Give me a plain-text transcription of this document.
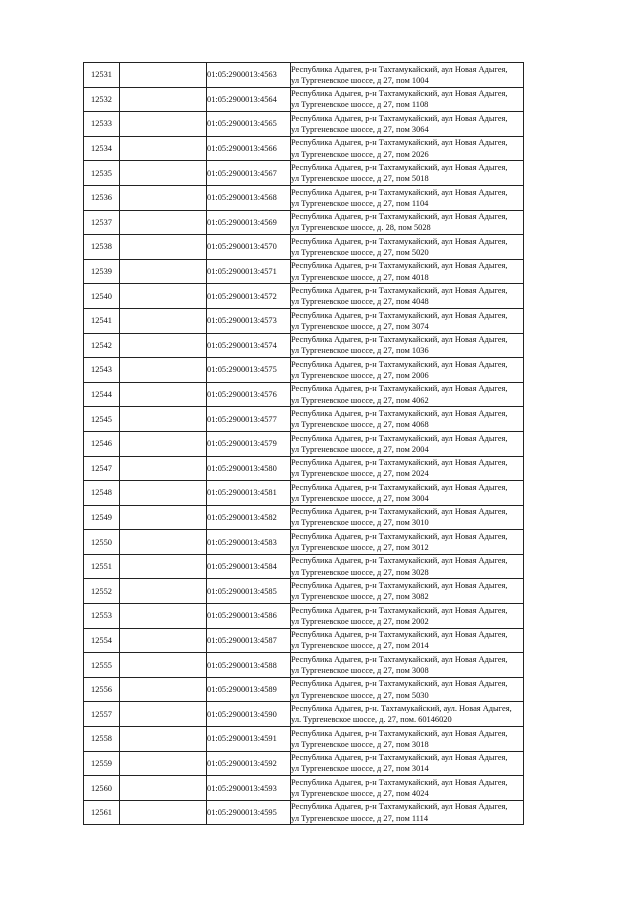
12531		01:05:2900013:4563	Республика Адыгея, р-н Тахтамукайский, аул Новая Адыгея,
ул Тургеневское шоссе, д 27, пом 1004

12532		01:05:2900013:4564	Республика Адыгея, р-н Тахтамукайский, аул Новая Адыгея,
ул Тургеневское шоссе, д 27, пом 1108

12533		01:05:2900013:4565	Республика Адыгея, р-н Тахтамукайский, аул Новая Адыгея,
ул Тургеневское шоссе, д 27, пом 3064

12534		01:05:2900013:4566	Республика Адыгея, р-н Тахтамукайский, аул Новая Адыгея,
ул Тургеневское шоссе, д 27, пом 2026

12535		01:05:2900013:4567	Республика Адыгея, р-н Тахтамукайский, аул Новая Адыгея,
ул Тургеневское шоссе, д 27, пом 5018

12536		01:05:2900013:4568	Республика Адыгея, р-н Тахтамукайский, аул Новая Адыгея,
ул Тургеневское шоссе, д 27, пом 1104

12537		01:05:2900013:4569	Республика Адыгея, р-н Тахтамукайский, аул Новая Адыгея,
ул Тургеневское шоссе, д. 28, пом 5028

12538		01:05:2900013:4570	Республика Адыгея, р-н Тахтамукайский, аул Новая Адыгея,
ул Тургеневское шоссе, д 27, пом 5020

12539		01:05:2900013:4571	Республика Адыгея, р-н Тахтамукайский, аул Новая Адыгея,
ул Тургеневское шоссе, д 27, пом 4018

12540		01:05:2900013:4572	Республика Адыгея, р-н Тахтамукайский, аул Новая Адыгея,
ул Тургеневское шоссе, д 27, пом 4048

12541		01:05:2900013:4573	Республика Адыгея, р-н Тахтамукайский, аул Новая Адыгея,
ул Тургеневское шоссе, д 27, пом 3074

12542		01:05:2900013:4574	Республика Адыгея, р-н Тахтамукайский, аул Новая Адыгея,
ул Тургеневское шоссе, д 27, пом 1036

12543		01:05:2900013:4575	Республика Адыгея, р-н Тахтамукайский, аул Новая Адыгея,
ул Тургеневское шоссе, д 27, пом 2006

12544		01:05:2900013:4576	Республика Адыгея, р-н Тахтамукайский, аул Новая Адыгея,
ул Тургеневское шоссе, д 27, пом 4062

12545		01:05:2900013:4577	Республика Адыгея, р-н Тахтамукайский, аул Новая Адыгея,
ул Тургеневское шоссе, д 27, пом 4068

12546		01:05:2900013:4579	Республика Адыгея, р-н Тахтамукайский, аул Новая Адыгея,
ул Тургеневское шоссе, д 27, пом 2004

12547		01:05:2900013:4580	Республика Адыгея, р-н Тахтамукайский, аул Новая Адыгея,
ул Тургеневское шоссе, д 27, пом 2024

12548		01:05:2900013:4581	Республика Адыгея, р-н Тахтамукайский, аул Новая Адыгея,
ул Тургеневское шоссе, д 27, пом 3004

12549		01:05:2900013:4582	Республика Адыгея, р-н Тахтамукайский, аул Новая Адыгея,
ул Тургеневское шоссе, д 27, пом 3010

12550		01:05:2900013:4583	Республика Адыгея, р-н Тахтамукайский, аул Новая Адыгея,
ул Тургеневское шоссе, д 27, пом 3012

12551		01:05:2900013:4584	Республика Адыгея, р-н Тахтамукайский, аул Новая Адыгея,
ул Тургеневское шоссе, д 27, пом 3028

12552		01:05:2900013:4585	Республика Адыгея, р-н Тахтамукайский, аул Новая Адыгея,
ул Тургеневское шоссе, д 27, пом 3082

12553		01:05:2900013:4586	Республика Адыгея, р-н Тахтамукайский, аул Новая Адыгея,
ул Тургеневское шоссе, д 27, пом 2002

12554		01:05:2900013:4587	Республика Адыгея, р-н Тахтамукайский, аул Новая Адыгея,
ул Тургеневское шоссе, д 27, пом 2014

12555		01:05:2900013:4588	Республика Адыгея, р-н Тахтамукайский, аул Новая Адыгея,
ул Тургеневское шоссе, д 27, пом 3008

12556		01:05:2900013:4589	Республика Адыгея, р-н Тахтамукайский, аул Новая Адыгея,
ул Тургеневское шоссе, д 27, пом 5030

12557		01:05:2900013:4590	Республика Адыгея, р-н. Тахтамукайский, аул. Новая Адыгея,
ул. Тургеневское шоссе, д. 27, пом. 60146020

12558		01:05:2900013:4591	Республика Адыгея, р-н Тахтамукайский, аул Новая Адыгея,
ул Тургеневское шоссе, д 27, пом 3018

12559		01:05:2900013:4592	Республика Адыгея, р-н Тахтамукайский, аул Новая Адыгея,
ул Тургеневское шоссе, д 27, пом 3014

12560		01:05:2900013:4593	Республика Адыгея, р-н Тахтамукайский, аул Новая Адыгея,
ул Тургеневское шоссе, д 27, пом 4024

12561		01:05:2900013:4595	Республика Адыгея, р-н Тахтамукайский, аул Новая Адыгея,
ул Тургеневское шоссе, д 27, пом 1114
